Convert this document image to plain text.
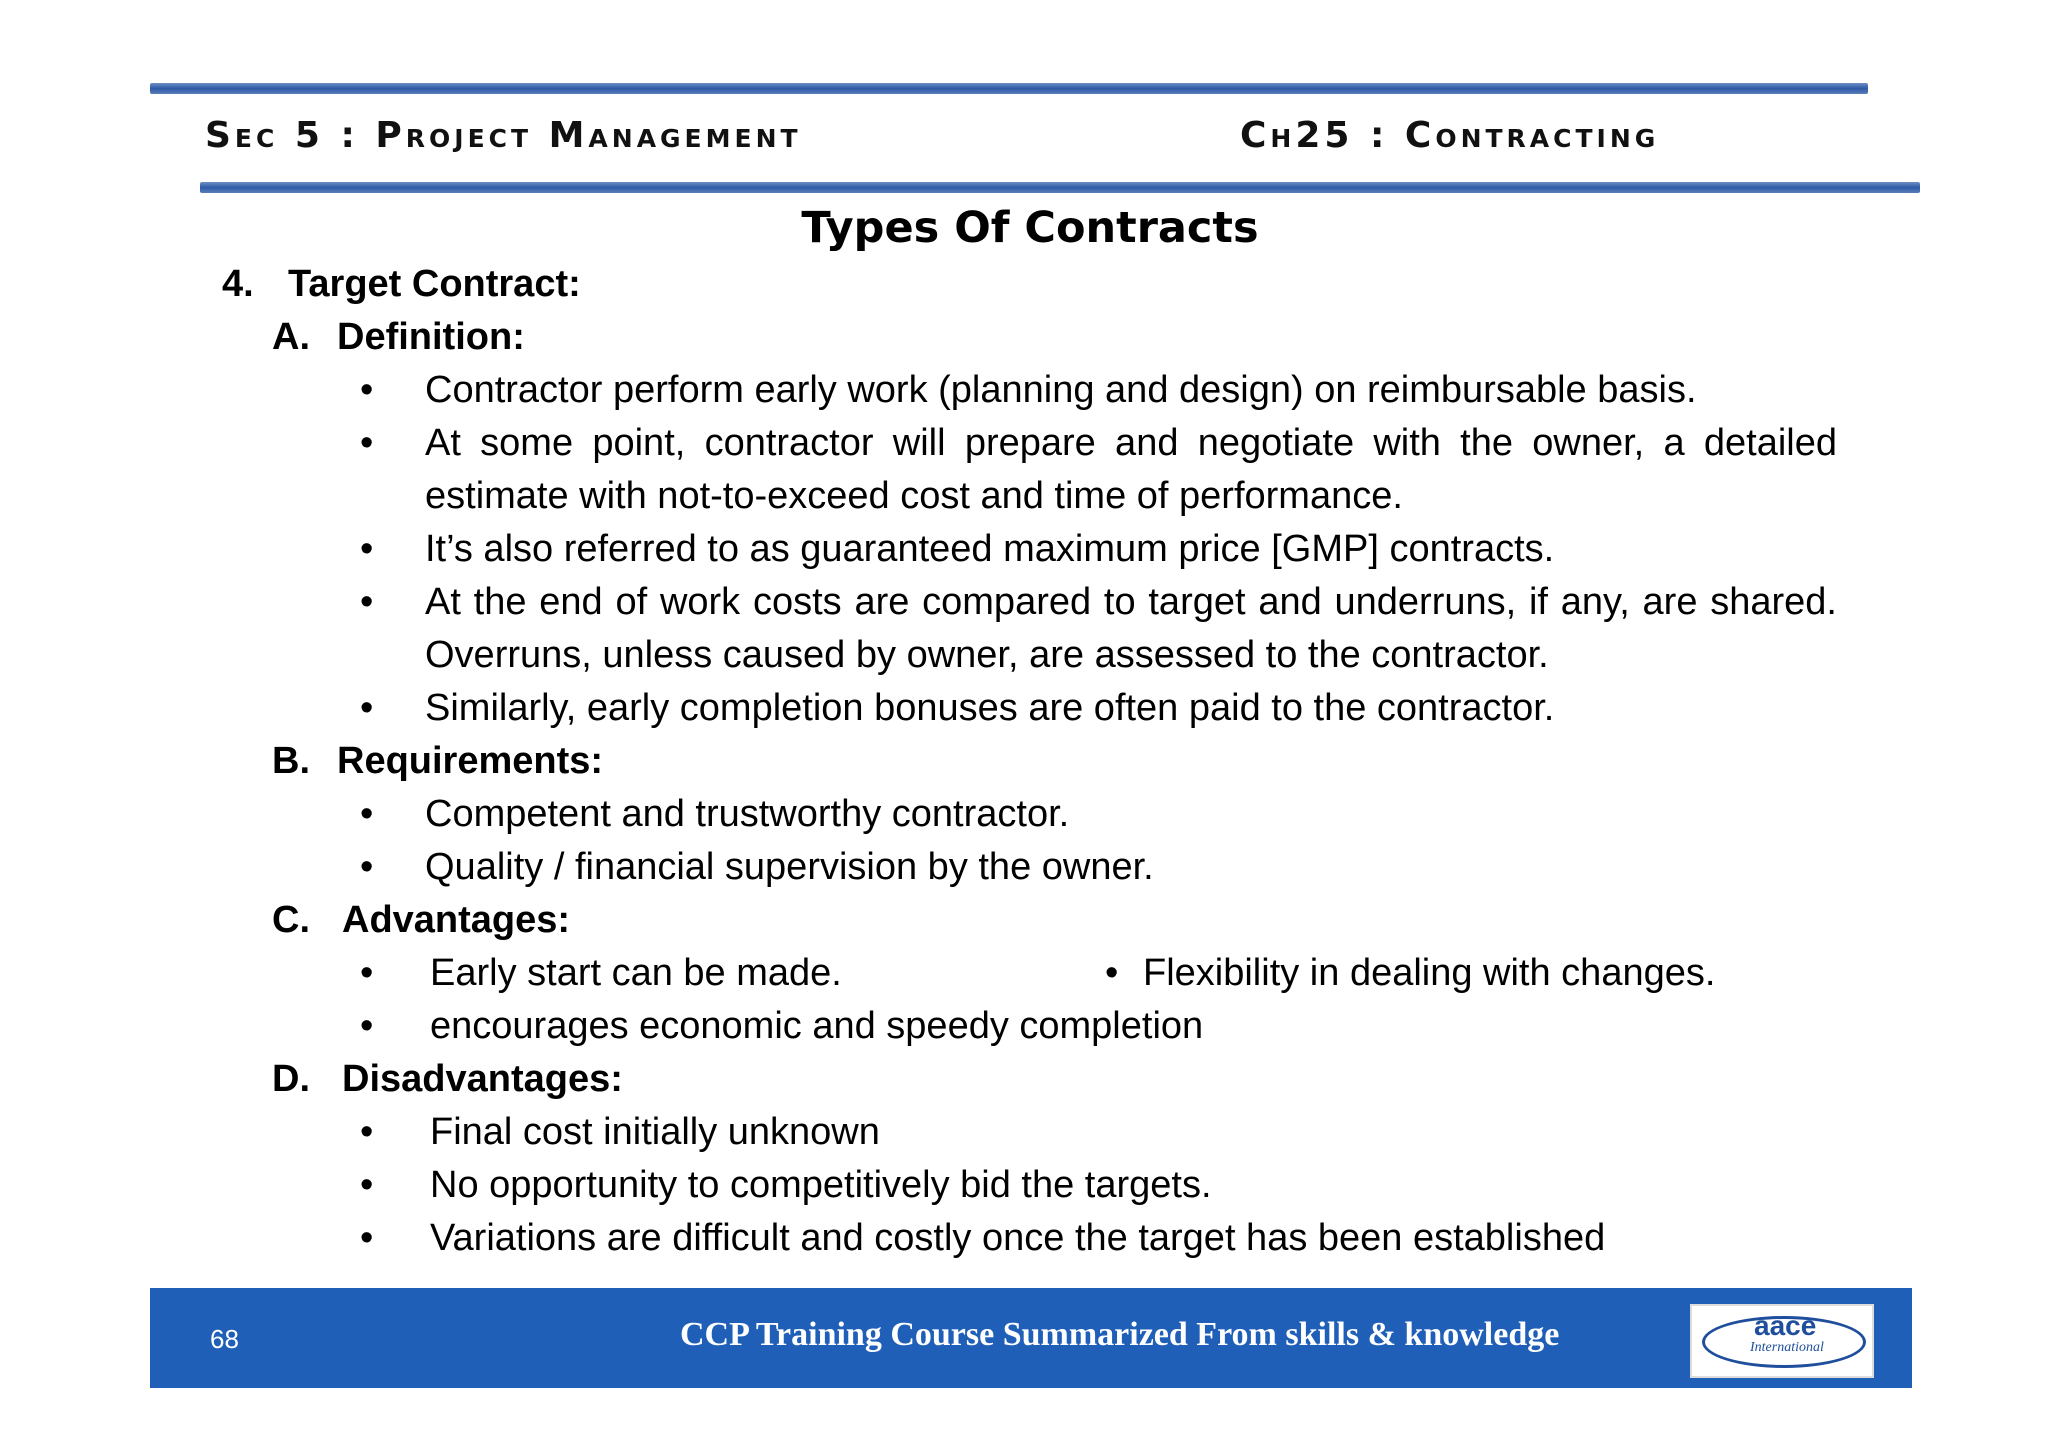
Sec 5 : Project Management	Ch25 : Contracting
Types Of Contracts
4. Target Contract:
A. Definition:
• Contractor perform early work (planning and design) on reimbursable basis.
• At some point, contractor will prepare and negotiate with the owner, a detailed estimate with not-to-exceed cost and time of performance.
• It’s also referred to as guaranteed maximum price [GMP] contracts.
• At the end of work costs are compared to target and underruns, if any, are shared. Overruns, unless caused by owner, are assessed to the contractor.
• Similarly, early completion bonuses are often paid to the contractor.
B. Requirements:
• Competent and trustworthy contractor.
• Quality / financial supervision by the owner.
C. Advantages:
• Early start can be made.	• Flexibility in dealing with changes.
• encourages economic and speedy completion
D. Disadvantages:
• Final cost initially unknown
• No opportunity to competitively bid the targets.
• Variations are difficult and costly once the target has been established
68	CCP Training Course Summarized From skills & knowledge	aace
International
